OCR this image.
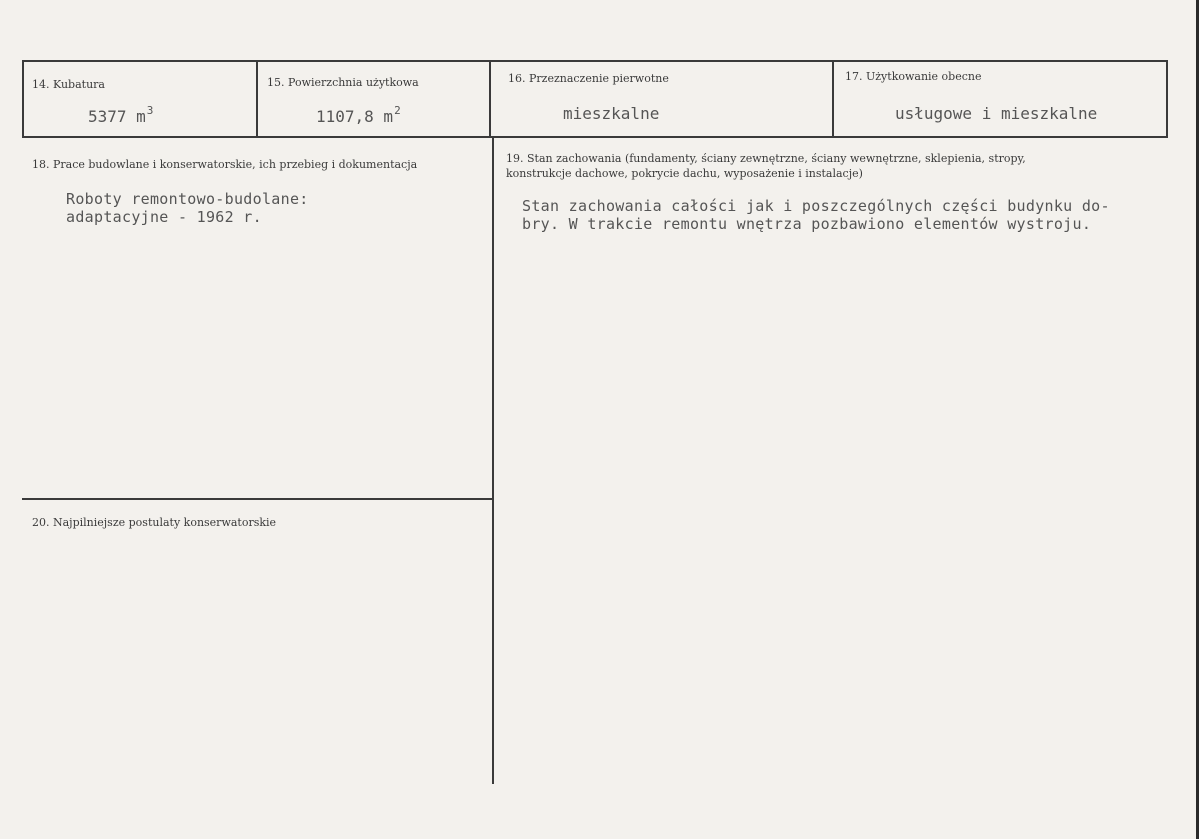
14. Kubatura
5377 $m^3$
15. Powierzchnia użytkowa
1107,8 $m^2$
16. Przeznaczenie pierwotne
mieszkalne
17. Użytkowanie obecne
usługowe i mieszkalne
18. Prace budowlane i konserwatorskie, ich przebieg i dokumentacja
Roboty remontowo-budolane:
adaptacyjne - 1962 r.
19. Stan zachowania (fundamenty, ściany zewnętrzne, ściany wewnętrzne, sklepienia, stropy,
konstrukcje dachowe, pokrycie dachu, wyposażenie i instalacje)
Stan zachowania całości jak i poszczególnych części budynku do-
bry. W trakcie remontu wnętrza pozbawiono elementów wystroju.
20. Najpilniejsze postulaty konserwatorskie
